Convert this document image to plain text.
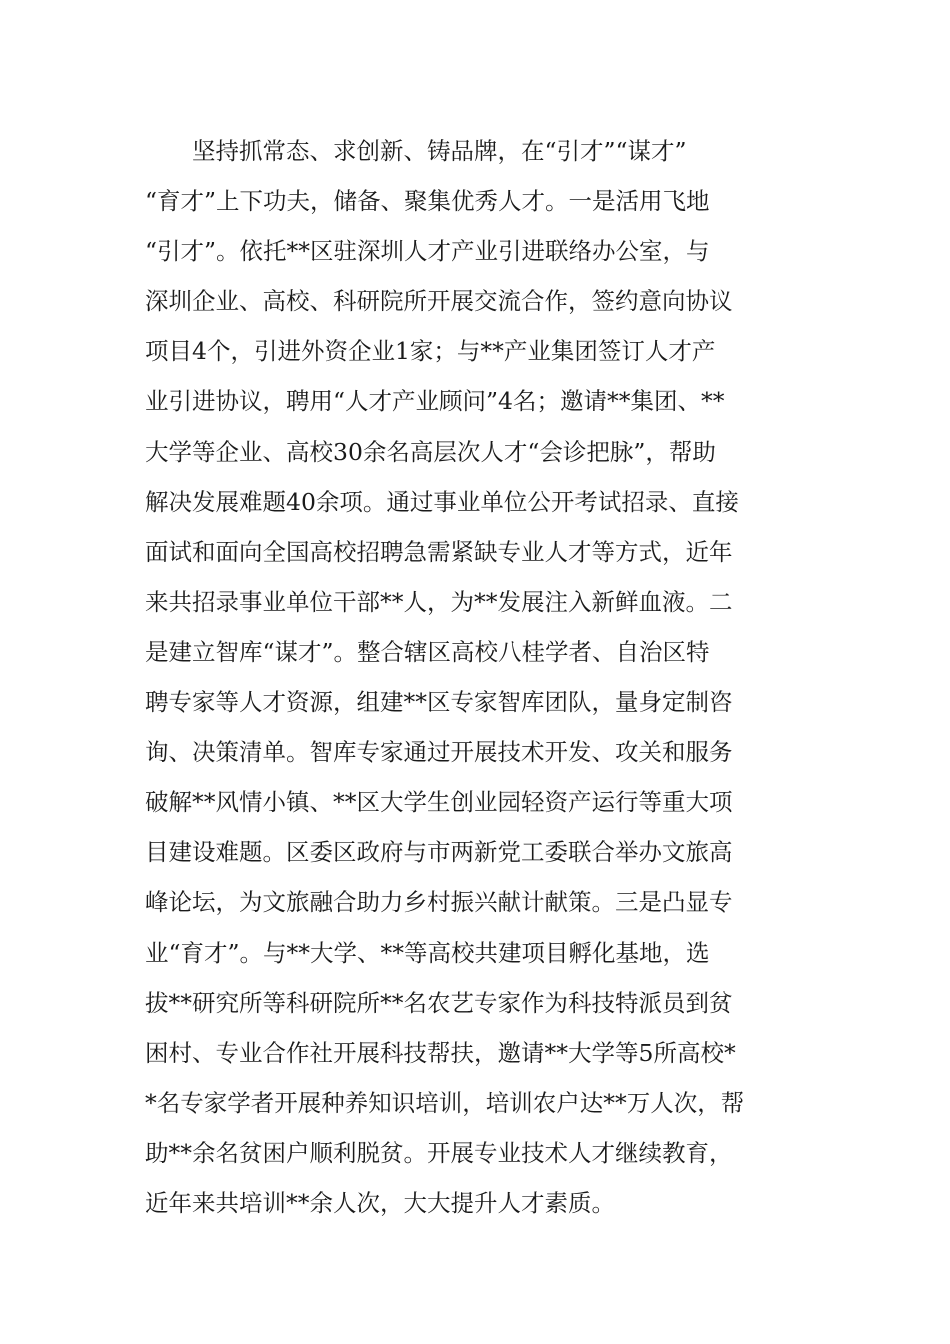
坚持抓常态、求创新、铸品牌，在“引才”“谋才”
“育才”上下功夫，储备、聚集优秀人才。一是活用飞地
“引才”。依托**区驻深圳人才产业引进联络办公室，与
深圳企业、高校、科研院所开展交流合作，签约意向协议
项目4个，引进外资企业1家；与**产业集团签订人才产
业引进协议，聘用“人才产业顾问”4名；邀请**集团、**
大学等企业、高校30余名高层次人才“会诊把脉”，帮助
解决发展难题40余项。通过事业单位公开考试招录、直接
面试和面向全国高校招聘急需紧缺专业人才等方式，近年
来共招录事业单位干部**人，为**发展注入新鲜血液。二
是建立智库“谋才”。整合辖区高校八桂学者、自治区特
聘专家等人才资源，组建**区专家智库团队，量身定制咨
询、决策清单。智库专家通过开展技术开发、攻关和服务
破解**风情小镇、**区大学生创业园轻资产运行等重大项
目建设难题。区委区政府与市两新党工委联合举办文旅高
峰论坛，为文旅融合助力乡村振兴献计献策。三是凸显专
业“育才”。与**大学、**等高校共建项目孵化基地，选
拔**研究所等科研院所**名农艺专家作为科技特派员到贫
困村、专业合作社开展科技帮扶，邀请**大学等5所高校*
*名专家学者开展种养知识培训，培训农户达**万人次，帮
助**余名贫困户顺利脱贫。开展专业技术人才继续教育，
近年来共培训**余人次，大大提升人才素质。
